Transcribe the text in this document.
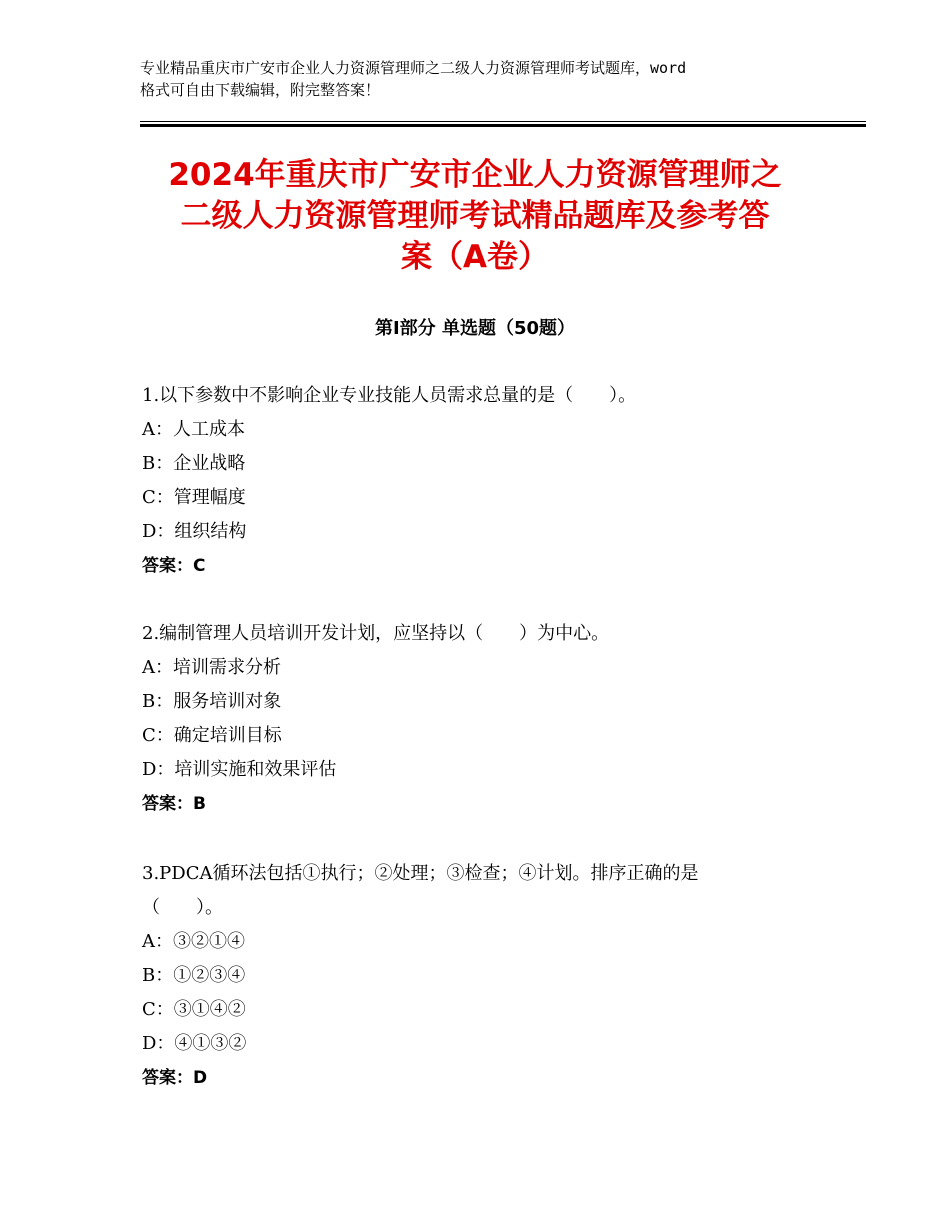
专业精品重庆市广安市企业人力资源管理师之二级人力资源管理师考试题库，word
格式可自由下载编辑，附完整答案！
2024年重庆市广安市企业人力资源管理师之
二级人力资源管理师考试精品题库及参考答
案（A卷）
第Ⅰ部分 单选题（50题）
1.以下参数中不影响企业专业技能人员需求总量的是（　　）。
A：人工成本
B：企业战略
C：管理幅度
D：组织结构
答案：C
2.编制管理人员培训开发计划，应坚持以（　　）为中心。
A：培训需求分析
B：服务培训对象
C：确定培训目标
D：培训实施和效果评估
答案：B
3.PDCA循环法包括①执行；②处理；③检查；④计划。排序正确的是
（　　）。
A：③②①④
B：①②③④
C：③①④②
D：④①③②
答案：D
